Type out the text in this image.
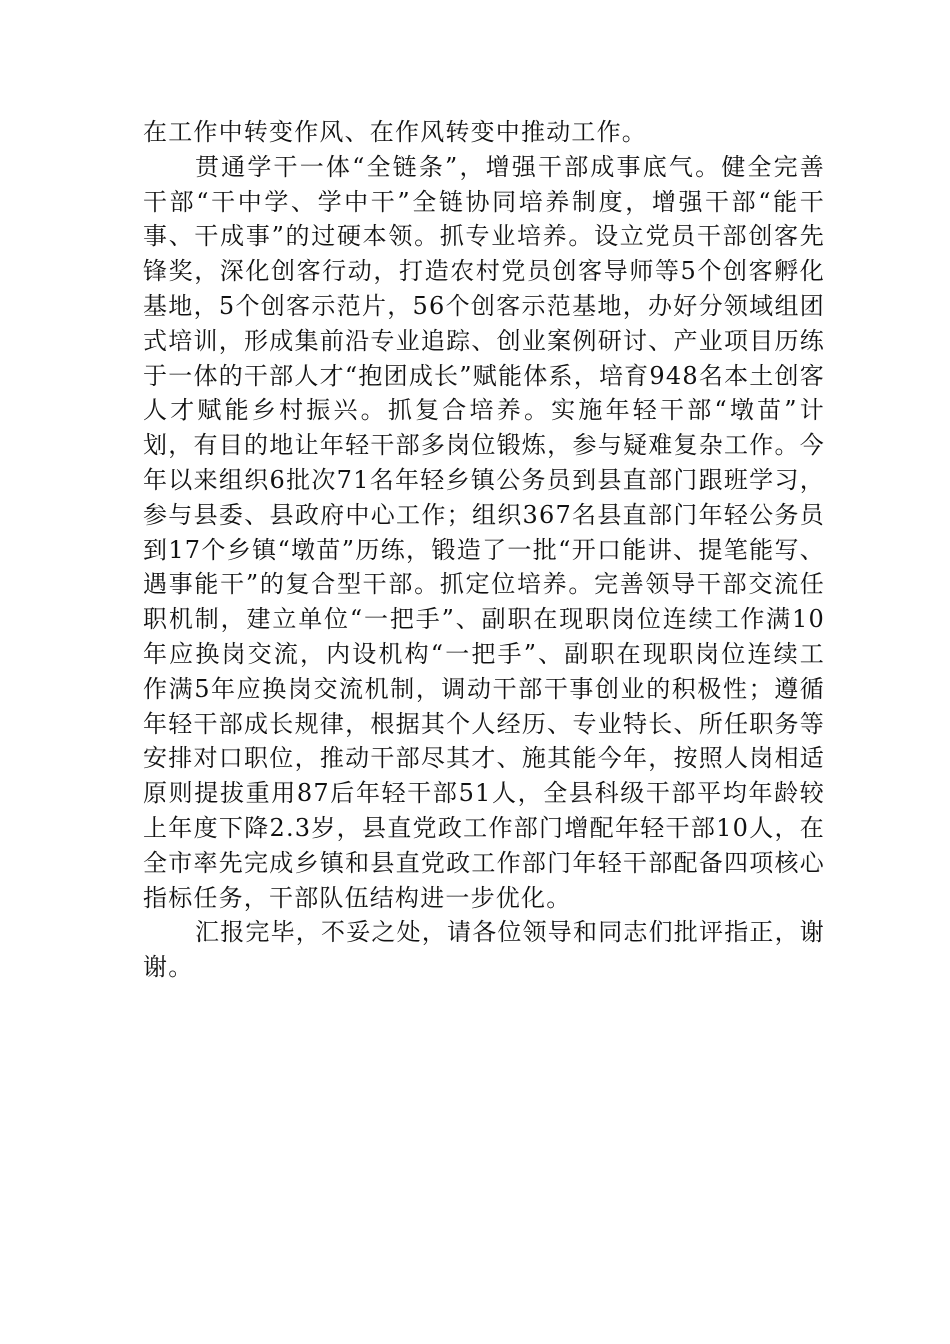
在工作中转变作风、在作风转变中推动工作。

贯通学干一体“全链条”，增强干部成事底气。健全完善干部“干中学、学中干”全链协同培养制度，增强干部“能干事、干成事”的过硬本领。抓专业培养。设立党员干部创客先锋奖，深化创客行动，打造农村党员创客导师等5个创客孵化基地，5个创客示范片，56个创客示范基地，办好分领域组团式培训，形成集前沿专业追踪、创业案例研讨、产业项目历练于一体的干部人才“抱团成长”赋能体系，培育948名本土创客人才赋能乡村振兴。抓复合培养。实施年轻干部“墩苗”计划，有目的地让年轻干部多岗位锻炼，参与疑难复杂工作。今年以来组织6批次71名年轻乡镇公务员到县直部门跟班学习，参与县委、县政府中心工作；组织367名县直部门年轻公务员到17个乡镇“墩苗”历练，锻造了一批“开口能讲、提笔能写、遇事能干”的复合型干部。抓定位培养。完善领导干部交流任职机制，建立单位“一把手”、副职在现职岗位连续工作满10年应换岗交流，内设机构“一把手”、副职在现职岗位连续工作满5年应换岗交流机制，调动干部干事创业的积极性；遵循年轻干部成长规律，根据其个人经历、专业特长、所任职务等安排对口职位，推动干部尽其才、施其能今年，按照人岗相适原则提拔重用87后年轻干部51人，全县科级干部平均年龄较上年度下降2.3岁，县直党政工作部门增配年轻干部10人，在全市率先完成乡镇和县直党政工作部门年轻干部配备四项核心指标任务，干部队伍结构进一步优化。

汇报完毕，不妥之处，请各位领导和同志们批评指正，谢谢。
